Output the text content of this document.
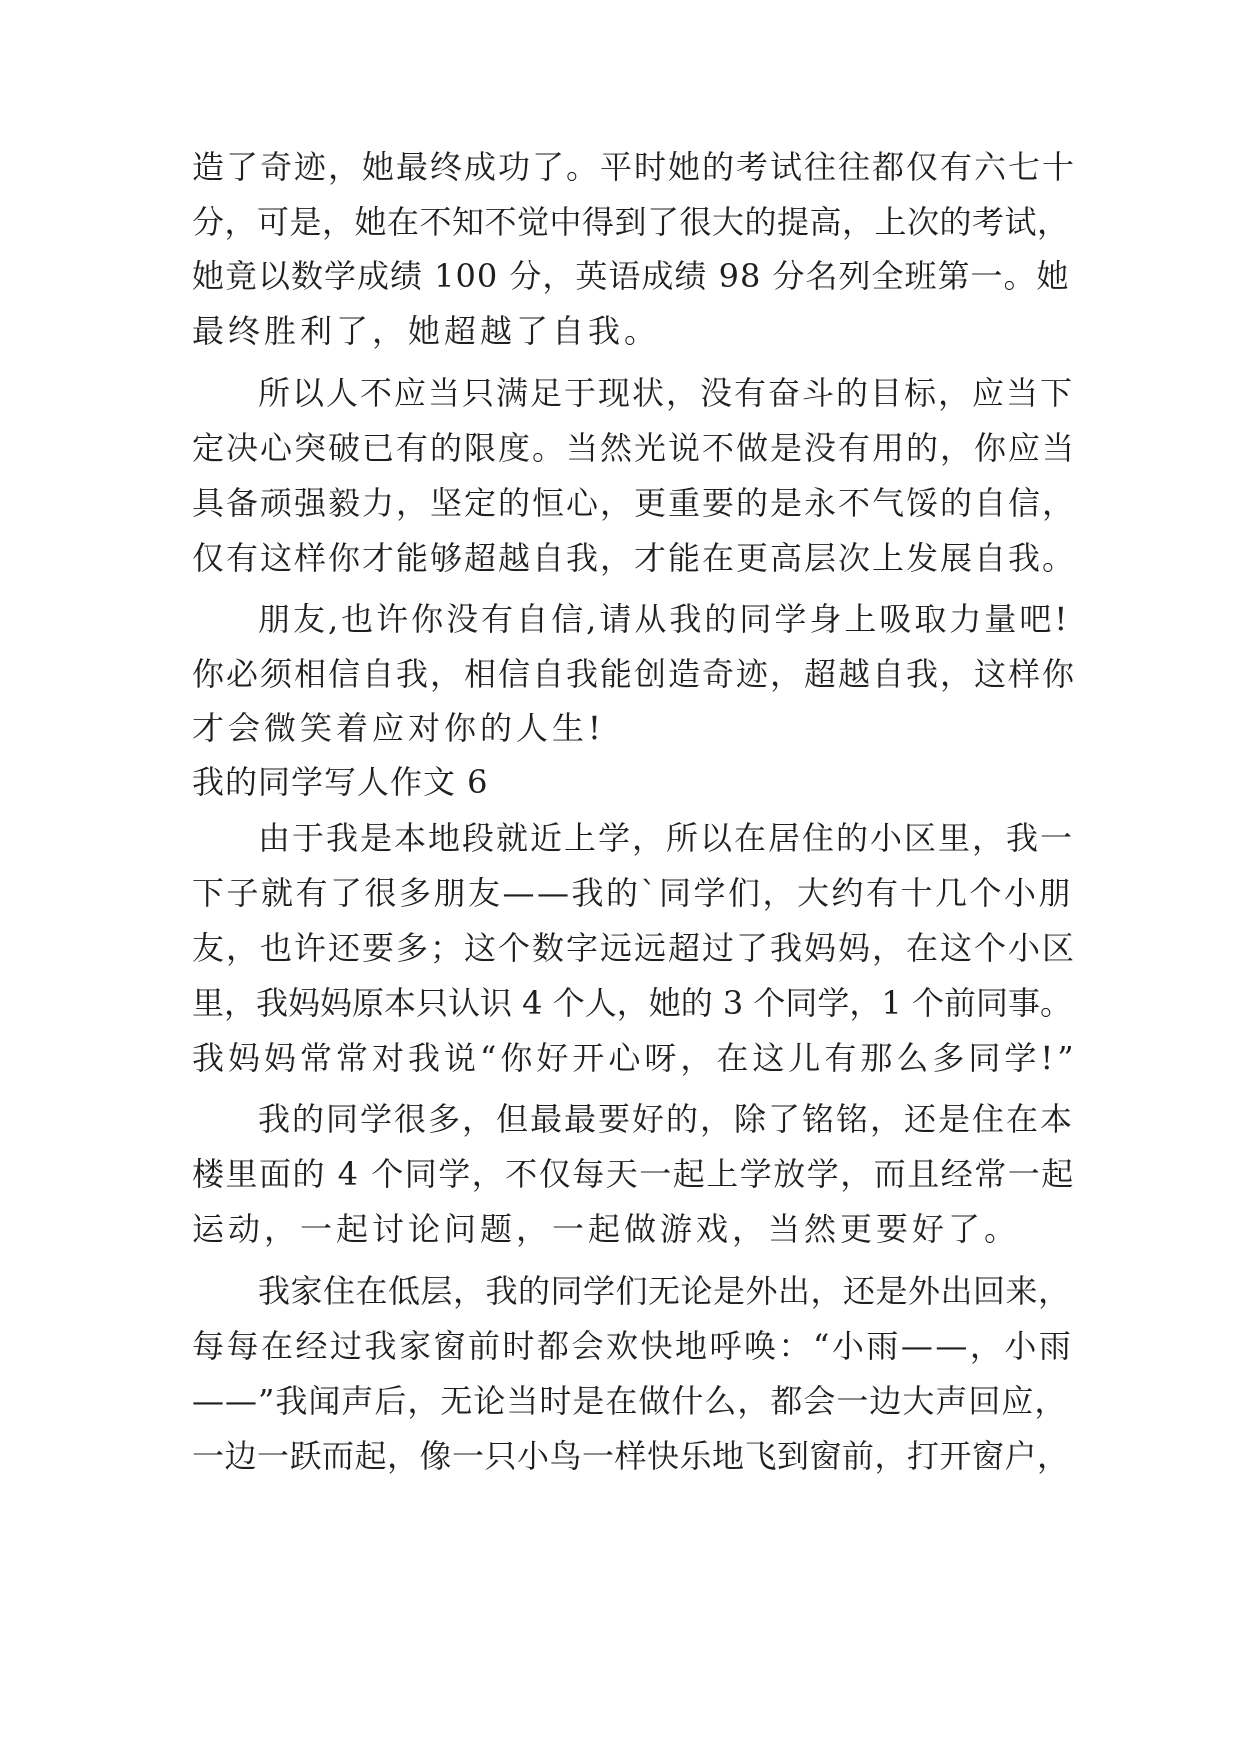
造了奇迹，她最终成功了。平时她的考试往往都仅有六七十
分，可是，她在不知不觉中得到了很大的提高，上次的考试，
她竟以数学成绩 100 分，英语成绩 98 分名列全班第一。她
最终胜利了，她超越了自我。
所以人不应当只满足于现状，没有奋斗的目标，应当下
定决心突破已有的限度。当然光说不做是没有用的，你应当
具备顽强毅力，坚定的恒心，更重要的是永不气馁的自信，
仅有这样你才能够超越自我，才能在更高层次上发展自我。
朋友,也许你没有自信,请从我的同学身上吸取力量吧!
你必须相信自我，相信自我能创造奇迹，超越自我，这样你
才会微笑着应对你的人生!
我的同学写人作文 6
由于我是本地段就近上学，所以在居住的小区里，我一
下子就有了很多朋友——我的`同学们，大约有十几个小朋
友，也许还要多；这个数字远远超过了我妈妈，在这个小区
里，我妈妈原本只认识 4 个人，她的 3 个同学，1 个前同事。
我妈妈常常对我说“你好开心呀，在这儿有那么多同学!”
我的同学很多，但最最要好的，除了铭铭，还是住在本
楼里面的 4 个同学，不仅每天一起上学放学，而且经常一起
运动，一起讨论问题，一起做游戏，当然更要好了。
我家住在低层，我的同学们无论是外出，还是外出回来，
每每在经过我家窗前时都会欢快地呼唤：“小雨——，小雨
——”我闻声后，无论当时是在做什么，都会一边大声回应，
一边一跃而起，像一只小鸟一样快乐地飞到窗前，打开窗户，
